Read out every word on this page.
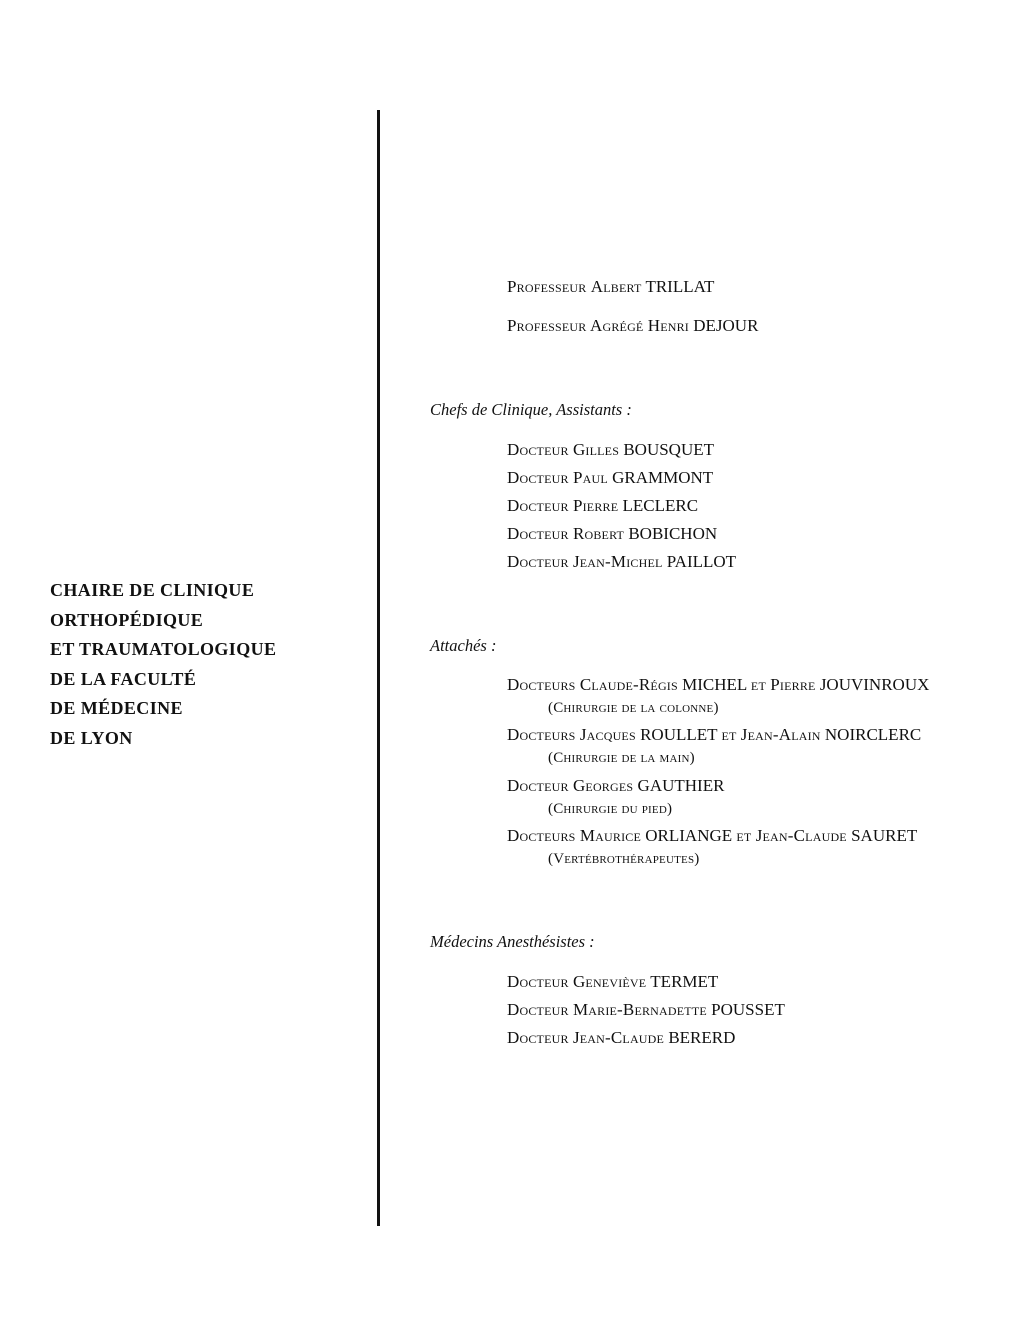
CHAIRE DE CLINIQUE
ORTHOPÉDIQUE
ET TRAUMATOLOGIQUE
DE LA FACULTÉ
DE MÉDECINE
DE LYON
Professeur Albert TRILLAT
Professeur Agrégé Henri DEJOUR
Chefs de Clinique, Assistants :
Docteur Gilles BOUSQUET
Docteur Paul GRAMMONT
Docteur Pierre LECLERC
Docteur Robert BOBICHON
Docteur Jean-Michel PAILLOT
Attachés :
Docteurs Claude-Régis MICHEL et Pierre JOUVINROUX
(Chirurgie de la colonne)
Docteurs Jacques ROULLET et Jean-Alain NOIRCLERC
(Chirurgie de la main)
Docteur Georges GAUTHIER
(Chirurgie du pied)
Docteurs Maurice ORLIANGE et Jean-Claude SAURET
(Vertébrothérapeutes)
Médecins Anesthésistes :
Docteur Geneviève TERMET
Docteur Marie-Bernadette POUSSET
Docteur Jean-Claude BERERD
